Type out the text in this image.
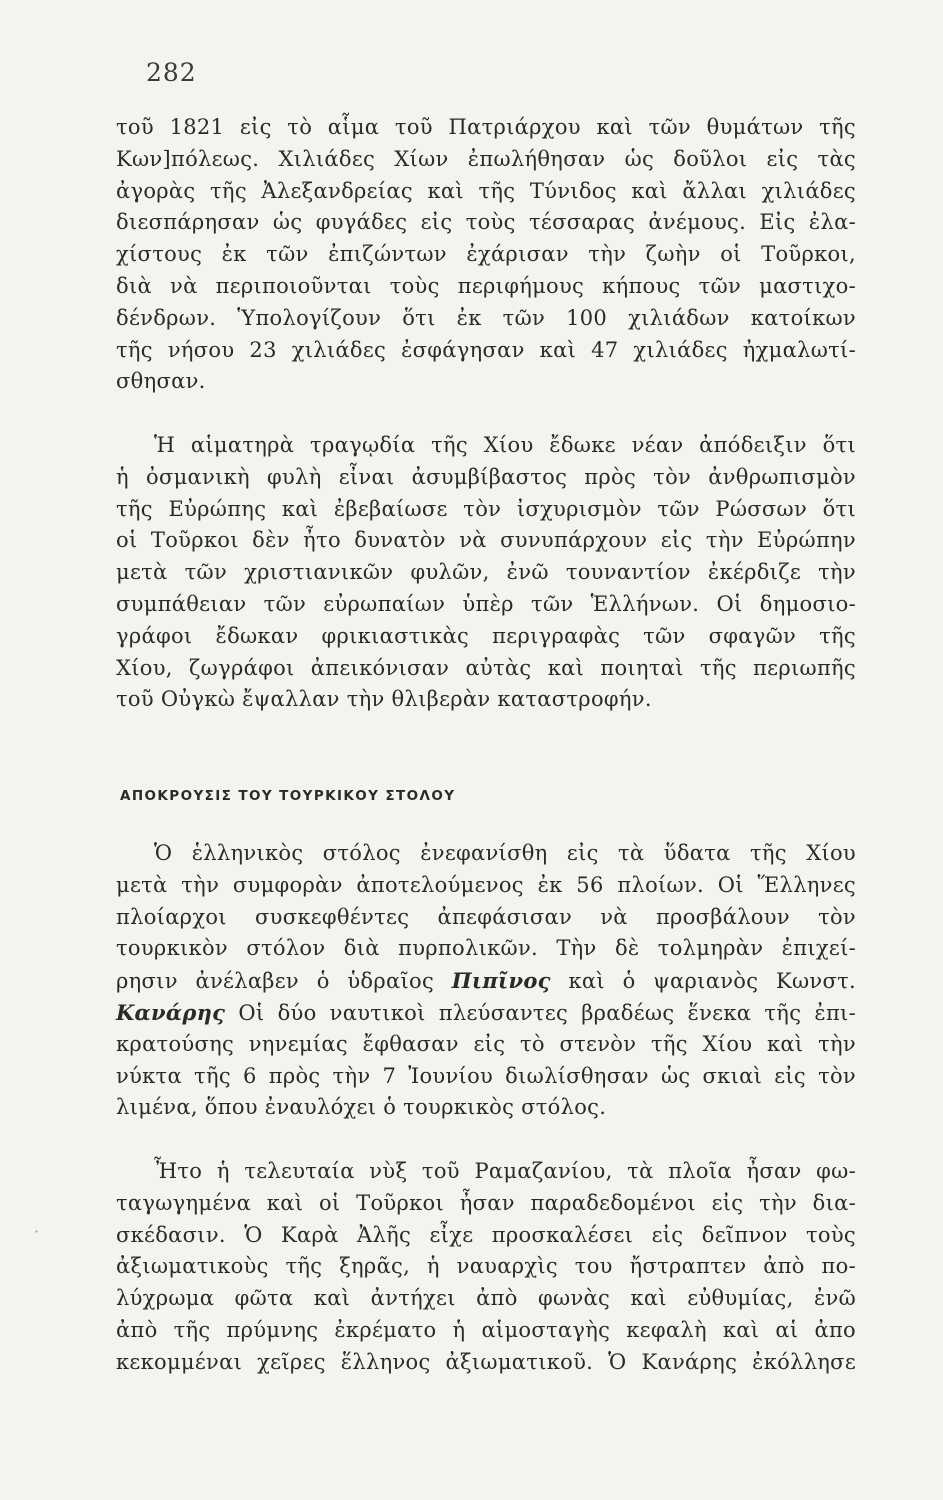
282
τοῦ 1821 εἰς τὸ αἷμα τοῦ Πατριάρχου καὶ τῶν θυμάτων τῆς
Κων]πόλεως. Χιλιάδες Χίων ἐπωλήθησαν ὡς δοῦλοι εἰς τὰς
ἀγορὰς τῆς Ἀλεξανδρείας καὶ τῆς Τύνιδος καὶ ἄλλαι χιλιάδες
διεσπάρησαν ὡς φυγάδες εἰς τοὺς τέσσαρας ἀνέμους. Εἰς ἐλα-
χίστους ἐκ τῶν ἐπιζώντων ἐχάρισαν τὴν ζωὴν οἱ Τοῦρκοι,
διὰ νὰ περιποιοῦνται τοὺς περιφήμους κήπους τῶν μαστιχο-
δένδρων. Ὑπολογίζουν ὅτι ἐκ τῶν 100 χιλιάδων κατοίκων
τῆς νήσου 23 χιλιάδες ἐσφάγησαν καὶ 47 χιλιάδες ἠχμαλωτί-
σθησαν.
Ἡ αἱματηρὰ τραγῳδία τῆς Χίου ἔδωκε νέαν ἀπόδειξιν ὅτι
ἡ ὀσμανικὴ φυλὴ εἶναι ἀσυμβίβαστος πρὸς τὸν ἀνθρωπισμὸν
τῆς Εὐρώπης καὶ ἐβεβαίωσε τὸν ἰσχυρισμὸν τῶν Ρώσσων ὅτι
οἱ Τοῦρκοι δὲν ἦτο δυνατὸν νὰ συνυπάρχουν εἰς τὴν Εὐρώπην
μετὰ τῶν χριστιανικῶν φυλῶν, ἐνῶ τουναντίον ἐκέρδιζε τὴν
συμπάθειαν τῶν εὐρωπαίων ὑπὲρ τῶν Ἑλλήνων. Οἱ δημοσιο-
γράφοι ἔδωκαν φρικιαστικὰς περιγραφὰς τῶν σφαγῶν τῆς
Χίου, ζωγράφοι ἀπεικόνισαν αὐτὰς καὶ ποιηταὶ τῆς περιωπῆς
τοῦ Οὐγκὼ ἔψαλλαν τὴν θλιβερὰν καταστροφήν.
ΑΠΟΚΡΟΥΣΙΣ ΤΟΥ ΤΟΥΡΚΙΚΟΥ ΣΤΟΛΟΥ
Ὁ ἑλληνικὸς στόλος ἐνεφανίσθη εἰς τὰ ὕδατα τῆς Χίου
μετὰ τὴν συμφορὰν ἀποτελούμενος ἐκ 56 πλοίων. Οἱ Ἕλληνες
πλοίαρχοι συσκεφθέντες ἀπεφάσισαν νὰ προσβάλουν τὸν
τουρκικὸν στόλον διὰ πυρπολικῶν. Τὴν δὲ τολμηρὰν ἐπιχεί-
ρησιν ἀνέλαβεν ὁ ὑδραῖος Πιπῖνος καὶ ὁ ψαριανὸς Κωνστ.
Κανάρης Οἱ δύο ναυτικοὶ πλεύσαντες βραδέως ἕνεκα τῆς ἐπι-
κρατούσης νηνεμίας ἔφθασαν εἰς τὸ στενὸν τῆς Χίου καὶ τὴν
νύκτα τῆς 6 πρὸς τὴν 7 Ἰουνίου διωλίσθησαν ὡς σκιαὶ εἰς τὸν
λιμένα, ὅπου ἐναυλόχει ὁ τουρκικὸς στόλος.
Ἦτο ἡ τελευταία νὺξ τοῦ Ραμαζανίου, τὰ πλοῖα ἦσαν φω-
ταγωγημένα καὶ οἱ Τοῦρκοι ἦσαν παραδεδομένοι εἰς τὴν δια-
σκέδασιν. Ὁ Καρὰ Ἀλῆς εἶχε προσκαλέσει εἰς δεῖπνον τοὺς
ἀξιωματικοὺς τῆς ξηρᾶς, ἡ ναυαρχὶς του ἤστραπτεν ἀπὸ πο-
λύχρωμα φῶτα καὶ ἀντήχει ἀπὸ φωνὰς καὶ εὐθυμίας, ἐνῶ
ἀπὸ τῆς πρύμνης ἐκρέματο ἡ αἱμοσταγὴς κεφαλὴ καὶ αἱ ἀπο
κεκομμέναι χεῖρες ἕλληνος ἀξιωματικοῦ. Ὁ Κανάρης ἐκόλλησε
·
